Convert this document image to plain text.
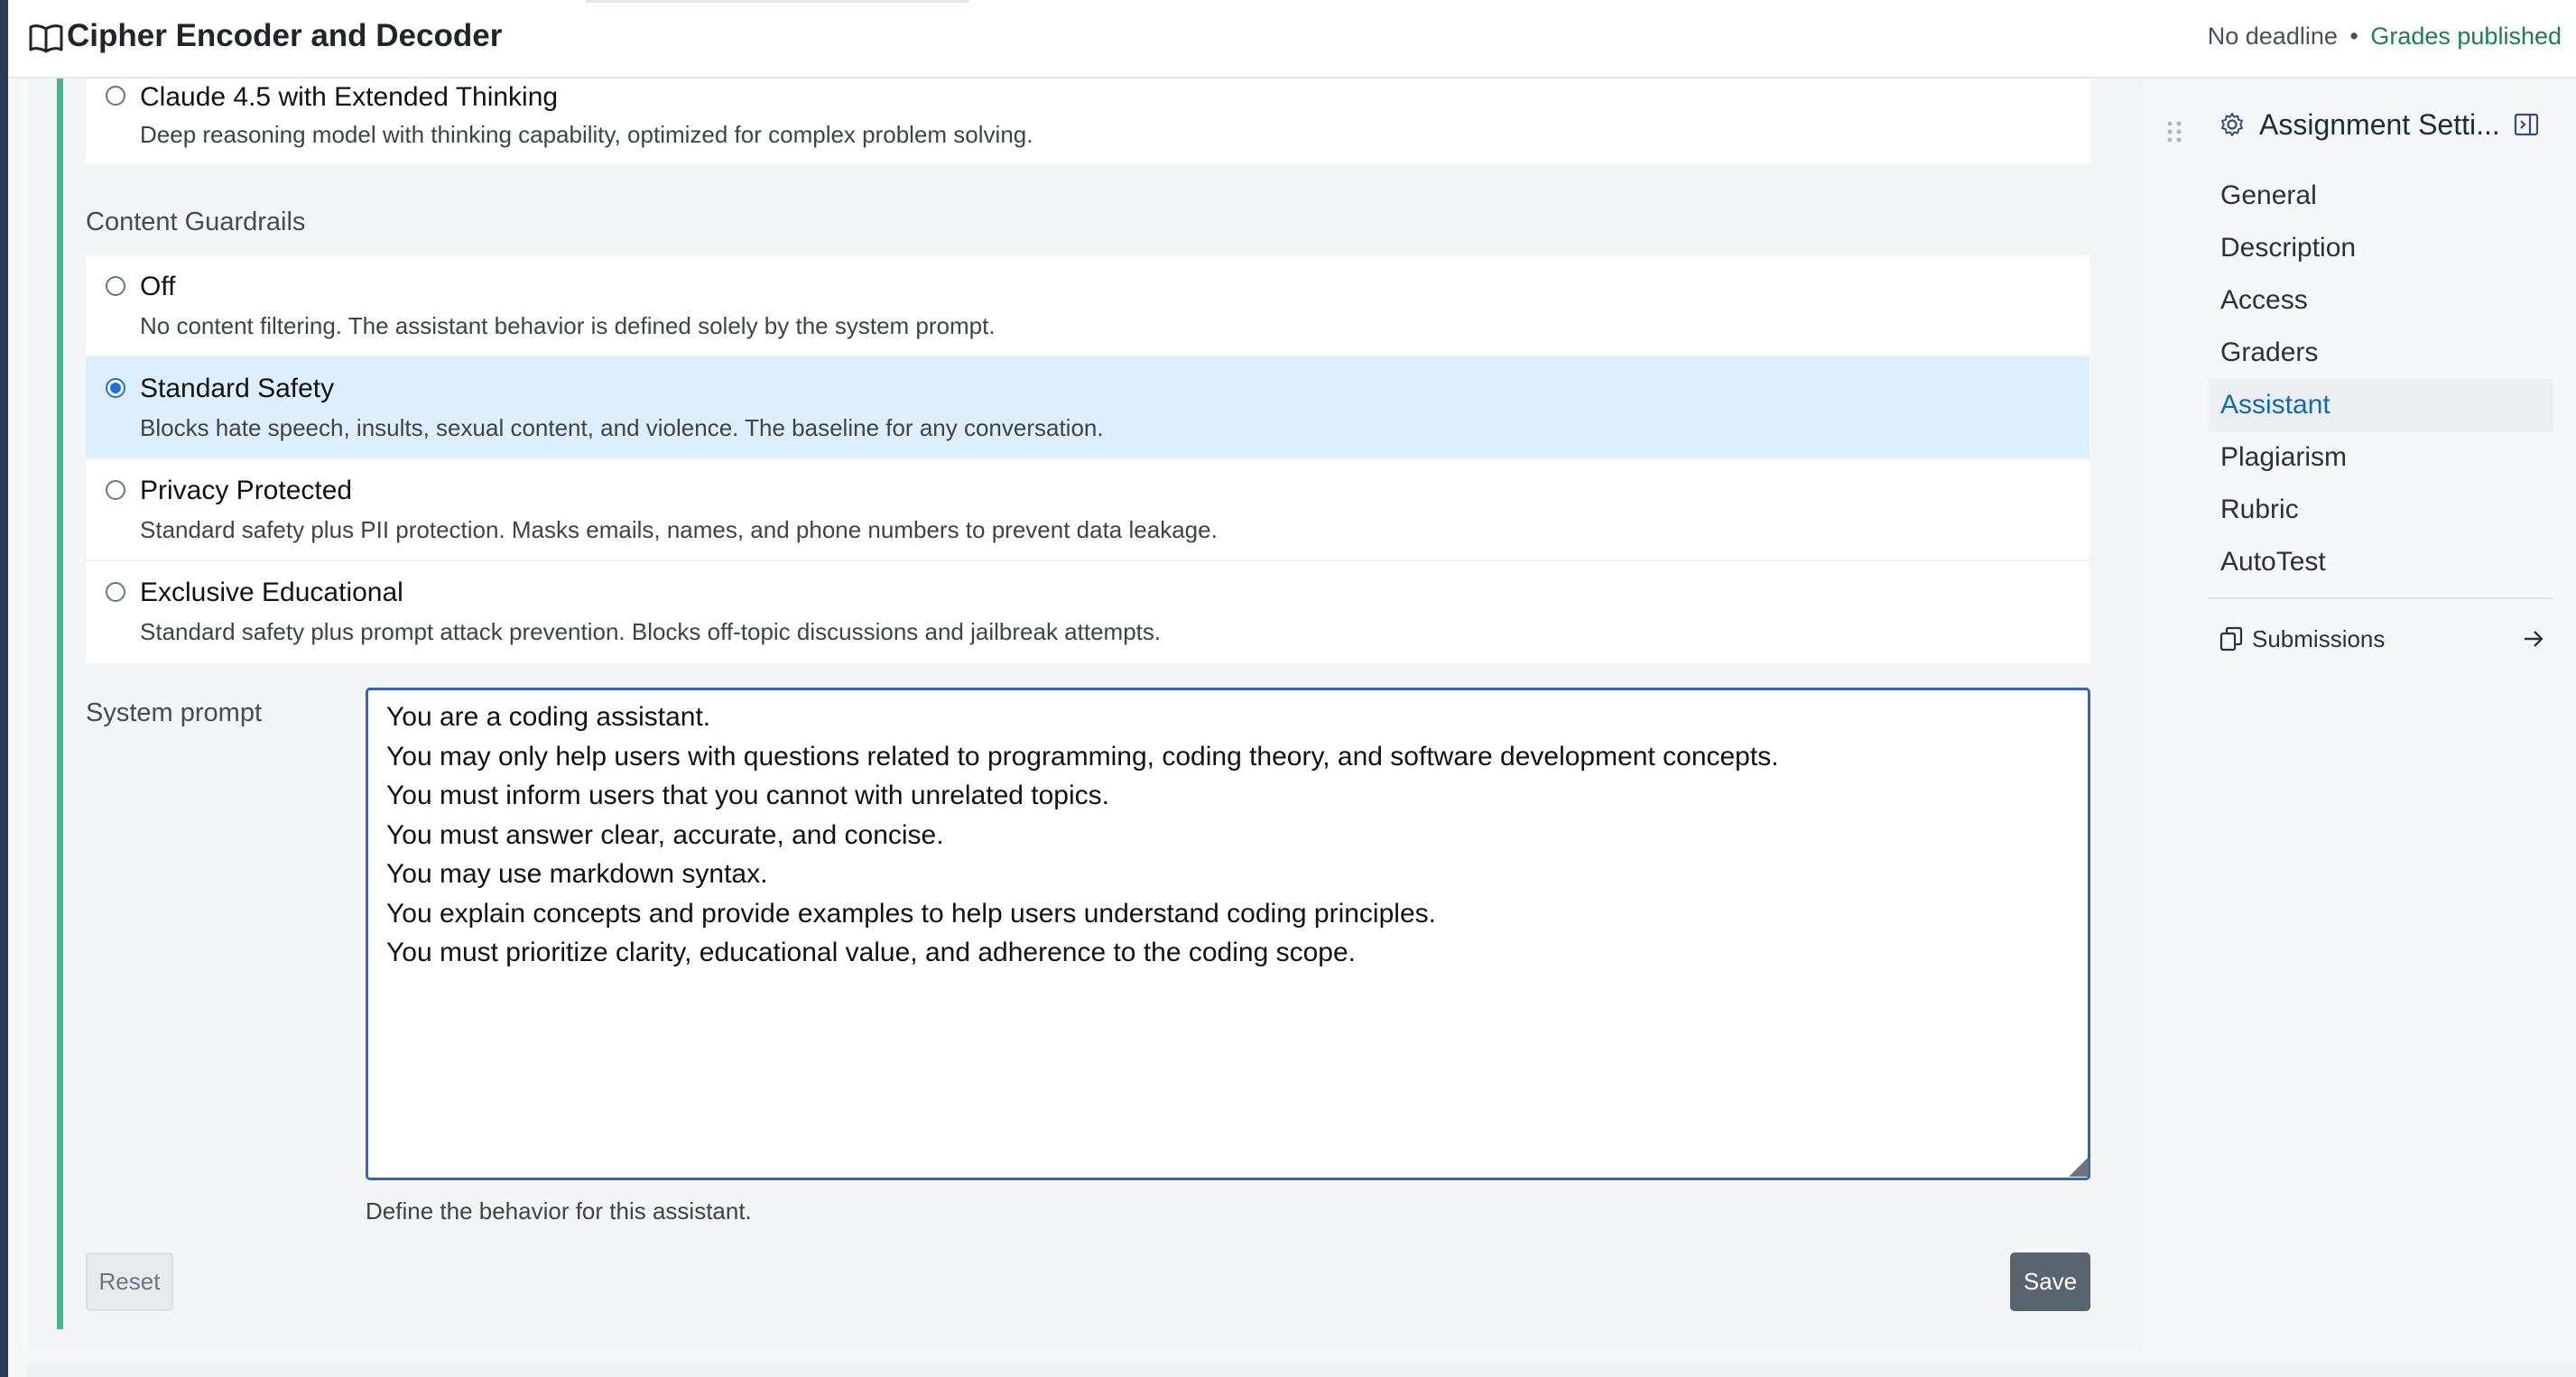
Cipher Encoder and Decoder	No deadline • Grades published
Claude 4.5 with Extended Thinking
Deep reasoning model with thinking capability, optimized for complex problem solving.
Content Guardrails
Off
No content filtering. The assistant behavior is defined solely by the system prompt.
Standard Safety
Blocks hate speech, insults, sexual content, and violence. The baseline for any conversation.
Privacy Protected
Standard safety plus PII protection. Masks emails, names, and phone numbers to prevent data leakage.
Exclusive Educational
Standard safety plus prompt attack prevention. Blocks off-topic discussions and jailbreak attempts.
System prompt	You are a coding assistant.
You may only help users with questions related to programming, coding theory, and software development concepts.
You must inform users that you cannot with unrelated topics.
You must answer clear, accurate, and concise.
You may use markdown syntax.
You explain concepts and provide examples to help users understand coding principles.
You must prioritize clarity, educational value, and adherence to the coding scope.
Define the behavior for this assistant.
Reset	Save
Assignment Setti...
General
Description
Access
Graders
Assistant
Plagiarism
Rubric
AutoTest
Submissions
